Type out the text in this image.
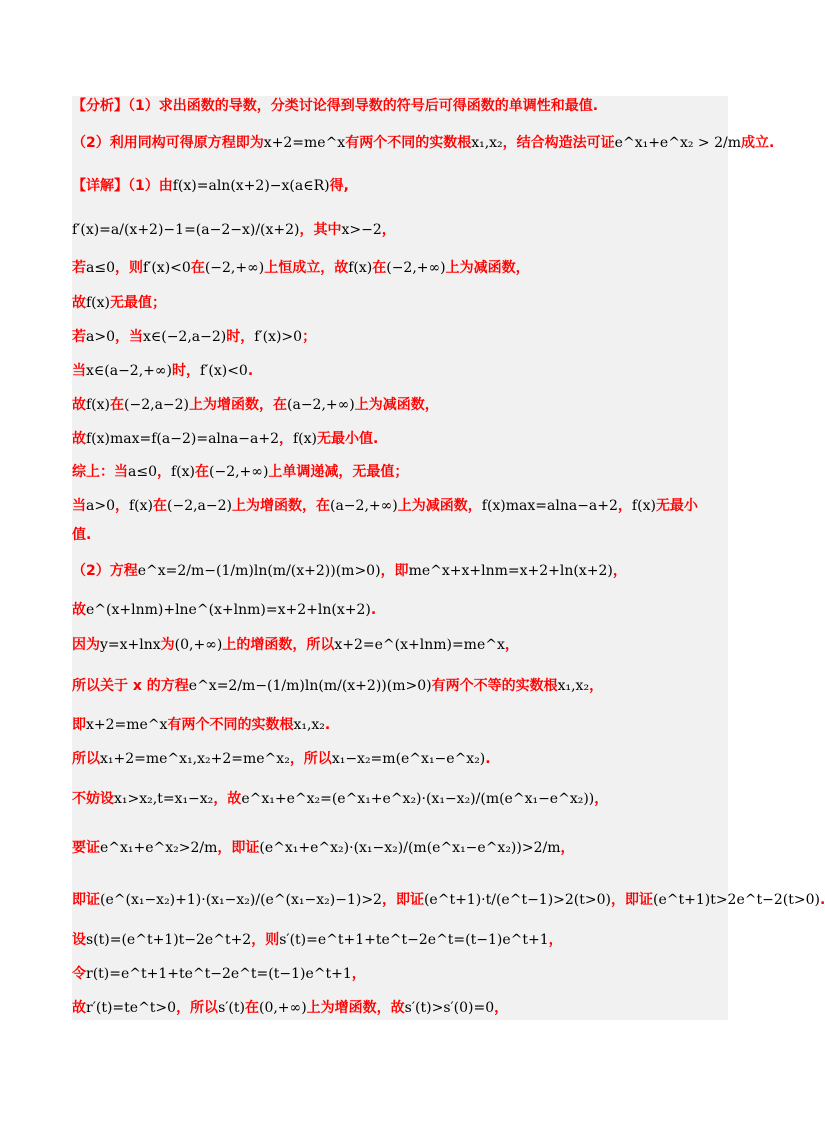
【分析】（1）求出函数的导数，分类讨论得到导数的符号后可得函数的单调性和最值.
（2）利用同构可得原方程即为x+2=me^x有两个不同的实数根x₁,x₂，结合构造法可证e^x₁+e^x₂ > 2/m成立.
【详解】（1）由f(x)=aln(x+2)−x(a∈R)得,
f′(x)=a/(x+2)−1=(a−2−x)/(x+2)，其中x>−2，
若a≤0，则f′(x)<0在(−2,+∞)上恒成立，故f(x)在(−2,+∞)上为减函数，
故f(x)无最值；
若a>0，当x∈(−2,a−2)时，f′(x)>0；
当x∈(a−2,+∞)时，f′(x)<0.
故f(x)在(−2,a−2)上为增函数，在(a−2,+∞)上为减函数，
故f(x)max=f(a−2)=alna−a+2，f(x)无最小值.
综上：当a≤0，f(x)在(−2,+∞)上单调递减，无最值；
当a>0，f(x)在(−2,a−2)上为增函数，在(a−2,+∞)上为减函数，f(x)max=alna−a+2，f(x)无最小
值.
（2）方程e^x=2/m−(1/m)ln(m/(x+2))(m>0)，即me^x+x+lnm=x+2+ln(x+2)，
故e^(x+lnm)+lne^(x+lnm)=x+2+ln(x+2).
因为y=x+lnx为(0,+∞)上的增函数，所以x+2=e^(x+lnm)=me^x，
所以关于 x 的方程e^x=2/m−(1/m)ln(m/(x+2))(m>0)有两个不等的实数根x₁,x₂，
即x+2=me^x有两个不同的实数根x₁,x₂.
所以x₁+2=me^x₁,x₂+2=me^x₂，所以x₁−x₂=m(e^x₁−e^x₂).
不妨设x₁>x₂,t=x₁−x₂，故e^x₁+e^x₂=(e^x₁+e^x₂)·(x₁−x₂)/(m(e^x₁−e^x₂))，
要证e^x₁+e^x₂>2/m，即证(e^x₁+e^x₂)·(x₁−x₂)/(m(e^x₁−e^x₂))>2/m，
即证(e^(x₁−x₂)+1)·(x₁−x₂)/(e^(x₁−x₂)−1)>2，即证(e^t+1)·t/(e^t−1)>2(t>0)，即证(e^t+1)t>2e^t−2(t>0).
设s(t)=(e^t+1)t−2e^t+2，则s′(t)=e^t+1+te^t−2e^t=(t−1)e^t+1，
令r(t)=e^t+1+te^t−2e^t=(t−1)e^t+1，
故r′(t)=te^t>0，所以s′(t)在(0,+∞)上为增函数，故s′(t)>s′(0)=0，
